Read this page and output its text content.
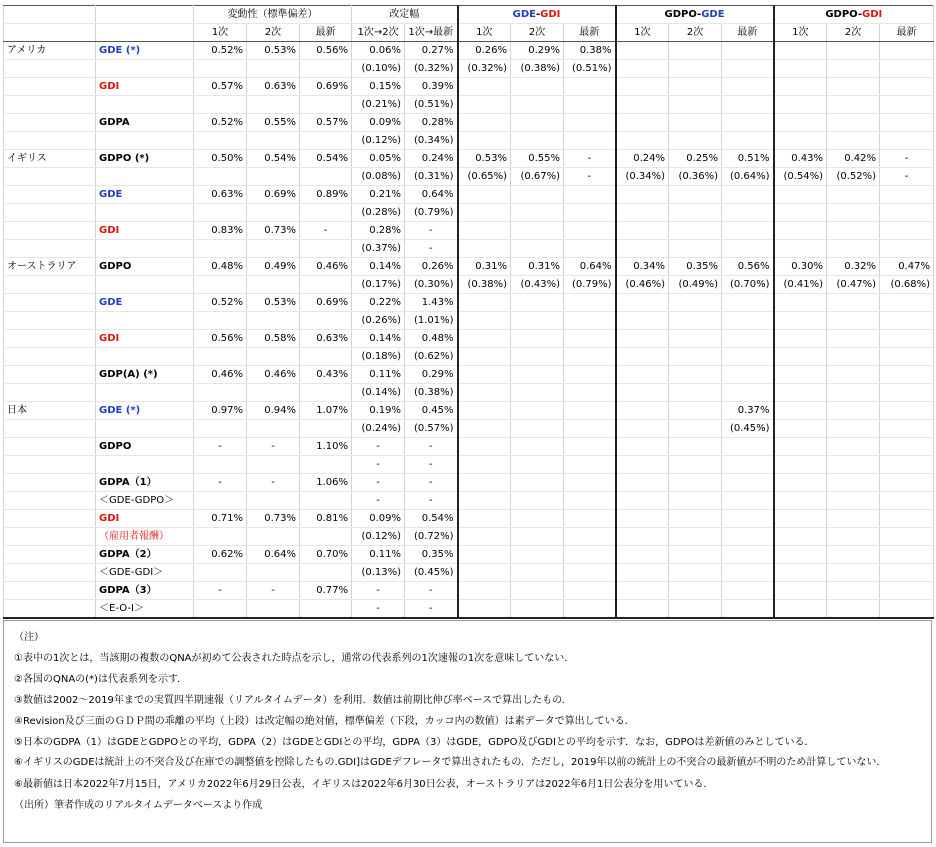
		変動性（標準偏差）			改定幅		GDE-GDI			GDPO-GDE			GDPO-GDI		
		1次	2次	最新	1次→2次	1次→最新	1次	2次	最新	1次	2次	最新	1次	2次	最新
アメリカ	GDE (*)	0.52%	0.53%	0.56%	0.06%	0.27%	0.26%	0.29%	0.38%						
					(0.10%)	(0.32%)	(0.32%)	(0.38%)	(0.51%)						
	GDI	0.57%	0.63%	0.69%	0.15%	0.39%									
					(0.21%)	(0.51%)									
	GDPA	0.52%	0.55%	0.57%	0.09%	0.28%									
					(0.12%)	(0.34%)									
イギリス	GDPO (*)	0.50%	0.54%	0.54%	0.05%	0.24%	0.53%	0.55%	-	0.24%	0.25%	0.51%	0.43%	0.42%	-
					(0.08%)	(0.31%)	(0.65%)	(0.67%)	-	(0.34%)	(0.36%)	(0.64%)	(0.54%)	(0.52%)	-
	GDE	0.63%	0.69%	0.89%	0.21%	0.64%									
					(0.28%)	(0.79%)									
	GDI	0.83%	0.73%	-	0.28%	-									
					(0.37%)	-									
オーストラリア	GDPO	0.48%	0.49%	0.46%	0.14%	0.26%	0.31%	0.31%	0.64%	0.34%	0.35%	0.56%	0.30%	0.32%	0.47%
					(0.17%)	(0.30%)	(0.38%)	(0.43%)	(0.79%)	(0.46%)	(0.49%)	(0.70%)	(0.41%)	(0.47%)	(0.68%)
	GDE	0.52%	0.53%	0.69%	0.22%	1.43%									
					(0.26%)	(1.01%)									
	GDI	0.56%	0.58%	0.63%	0.14%	0.48%									
					(0.18%)	(0.62%)									
	GDP(A) (*)	0.46%	0.46%	0.43%	0.11%	0.29%									
					(0.14%)	(0.38%)									
日本	GDE (*)	0.97%	0.94%	1.07%	0.19%	0.45%						0.37%			
					(0.24%)	(0.57%)						(0.45%)			
	GDPO	-	-	1.10%	-	-									
					-	-									
	GDPA（1）	-	-	1.06%	-	-									
	＜GDE-GDPO＞				-	-									
	GDI	0.71%	0.73%	0.81%	0.09%	0.54%									
	（雇用者報酬）				(0.12%)	(0.72%)									
	GDPA（2）	0.62%	0.64%	0.70%	0.11%	0.35%									
	＜GDE-GDI＞				(0.13%)	(0.45%)									
	GDPA（3）	-	-	0.77%	-	-									
	＜E-O-I＞				-	-									
（注）
①表中の1次とは，当該期の複数のQNAが初めて公表された時点を示し，通常の代表系列の1次速報の1次を意味していない．
②各国のQNAの(*)は代表系列を示す．
③数値は2002～2019年までの実質四半期速報（リアルタイムデータ）を利用．数値は前期比伸び率ベースで算出したもの．
④Revision及び三面のＧＤＰ間の乖離の平均（上段）は改定幅の絶対値，標準偏差（下段，カッコ内の数値）は素データで算出している．
⑤日本のGDPA（1）はGDEとGDPOとの平均，GDPA（2）はGDEとGDIとの平均，GDPA（3）はGDE，GDPO及びGDIとの平均を示す．なお，GDPOは差新値のみとしている．
⑥イギリスのGDEは統計上の不突合及び在庫での調整値を控除したもの.GDI]はGDEデフレータで算出されたもの．ただし，2019年以前の統計上の不突合の最新値が不明のため計算していない．
⑥最新値は日本2022年7月15日，アメリカ2022年6月29日公表，イギリスは2022年6月30日公表，オーストラリアは2022年6月1日公表分を用いている．
（出所）筆者作成のリアルタイムデータベースより作成
